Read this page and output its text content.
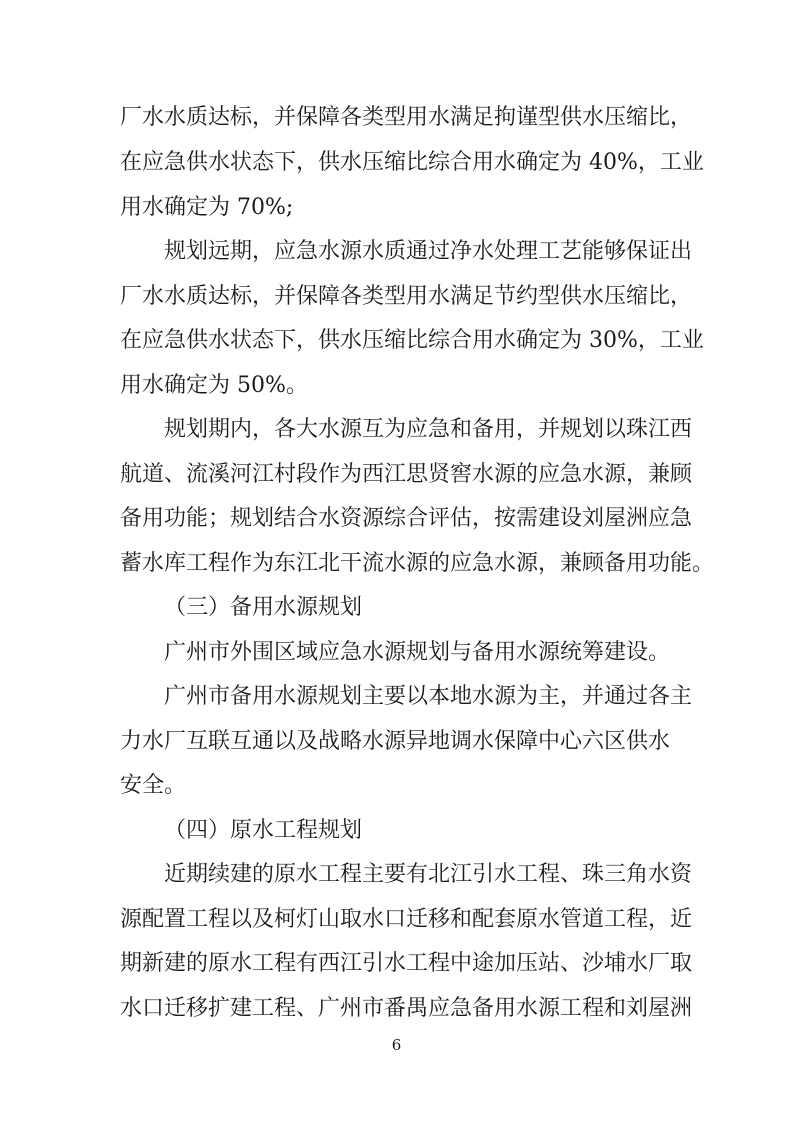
厂水水质达标，并保障各类型用水满足拘谨型供水压缩比，
在应急供水状态下，供水压缩比综合用水确定为 40%，工业
用水确定为 70%;
规划远期，应急水源水质通过净水处理工艺能够保证出
厂水水质达标，并保障各类型用水满足节约型供水压缩比，
在应急供水状态下，供水压缩比综合用水确定为 30%，工业
用水确定为 50%。
规划期内，各大水源互为应急和备用，并规划以珠江西
航道、流溪河江村段作为西江思贤窖水源的应急水源，兼顾
备用功能；规划结合水资源综合评估，按需建设刘屋洲应急
蓄水库工程作为东江北干流水源的应急水源，兼顾备用功能。
（三）备用水源规划
广州市外围区域应急水源规划与备用水源统筹建设。
广州市备用水源规划主要以本地水源为主，并通过各主
力水厂互联互通以及战略水源异地调水保障中心六区供水
安全。
（四）原水工程规划
近期续建的原水工程主要有北江引水工程、珠三角水资
源配置工程以及柯灯山取水口迁移和配套原水管道工程，近
期新建的原水工程有西江引水工程中途加压站、沙埔水厂取
水口迁移扩建工程、广州市番禺应急备用水源工程和刘屋洲
6
